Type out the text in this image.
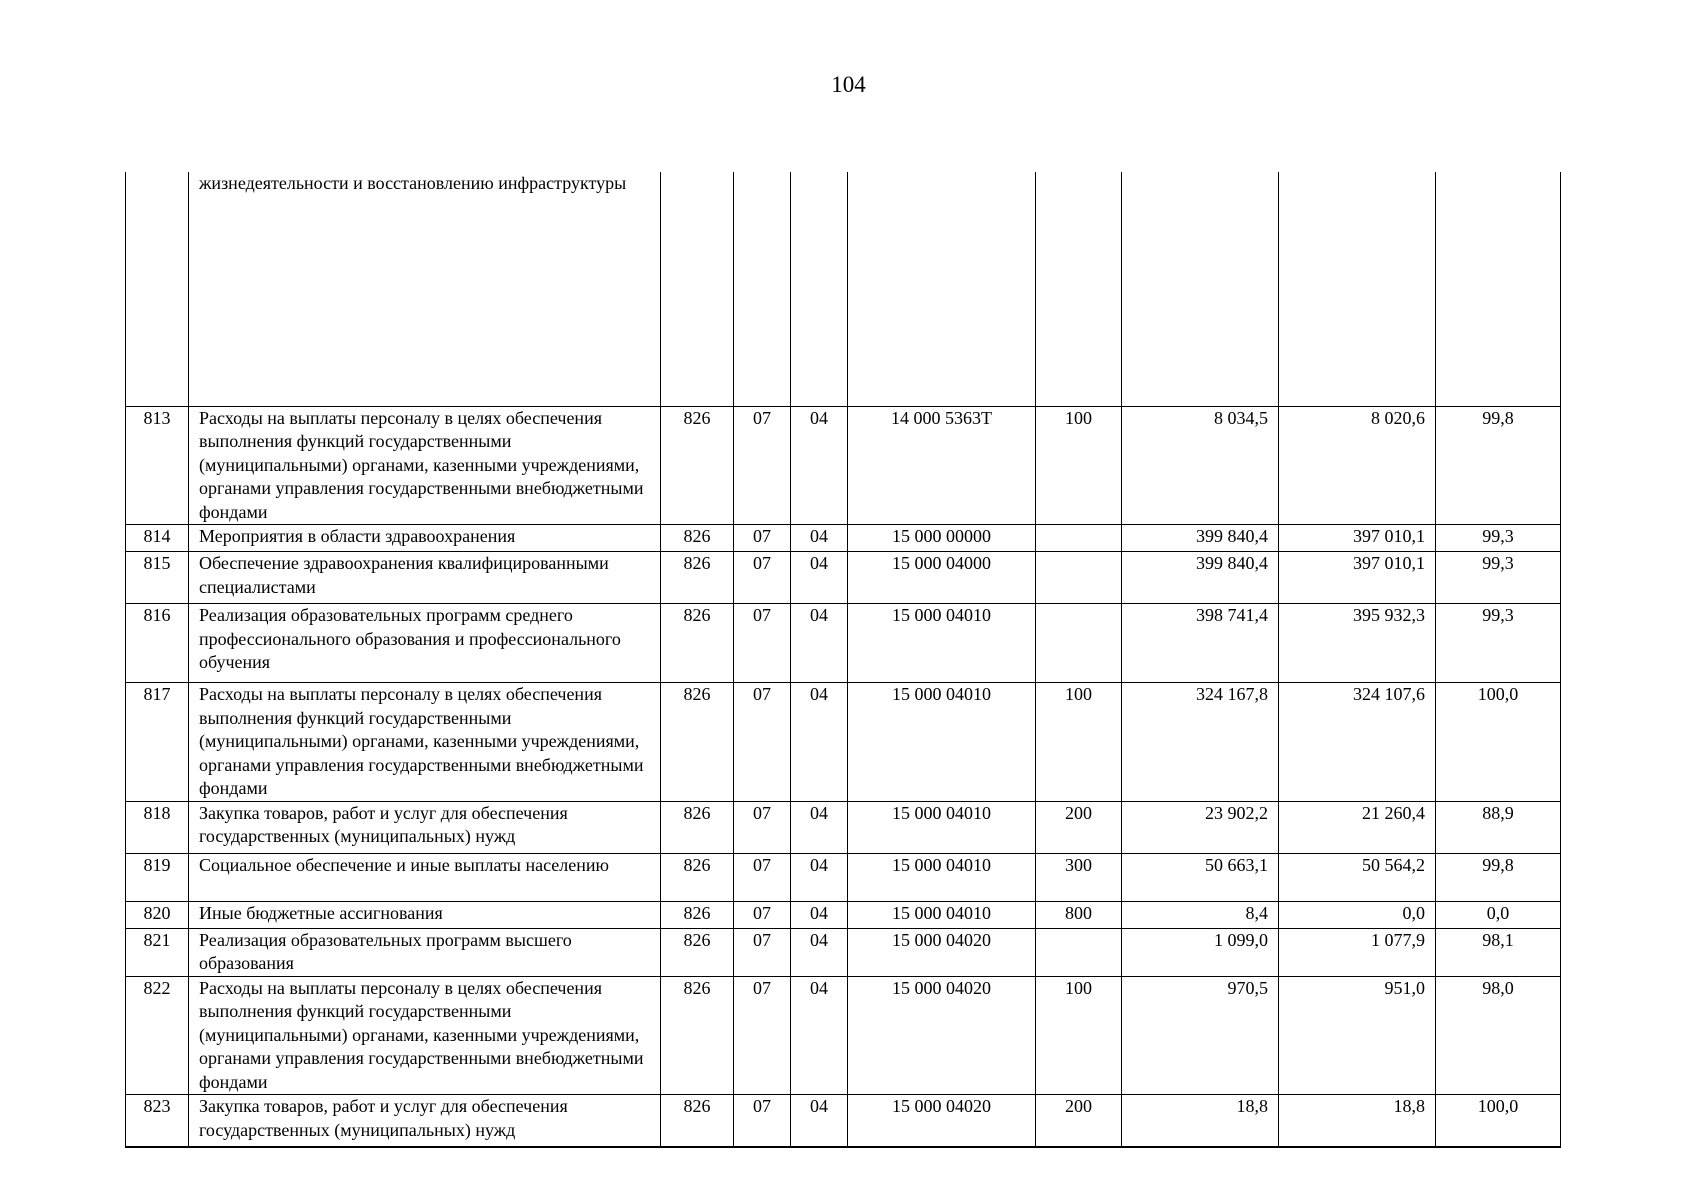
104
	жизнедеятельности и восстановлению инфраструктуры								
813	Расходы на выплаты персоналу в целях обеспечения выполнения функций государственными (муниципальными) органами, казенными учреждениями, органами управления государственными внебюджетными фондами	826	07	04	14 000 5363Т	100	8 034,5	8 020,6	99,8
814	Мероприятия в области здравоохранения	826	07	04	15 000 00000		399 840,4	397 010,1	99,3
815	Обеспечение здравоохранения квалифицированными специалистами	826	07	04	15 000 04000		399 840,4	397 010,1	99,3
816	Реализация образовательных программ среднего профессионального образования и профессионального обучения	826	07	04	15 000 04010		398 741,4	395 932,3	99,3
817	Расходы на выплаты персоналу в целях обеспечения выполнения функций государственными (муниципальными) органами, казенными учреждениями, органами управления государственными внебюджетными фондами	826	07	04	15 000 04010	100	324 167,8	324 107,6	100,0
818	Закупка товаров, работ и услуг для обеспечения государственных (муниципальных) нужд	826	07	04	15 000 04010	200	23 902,2	21 260,4	88,9
819	Социальное обеспечение и иные выплаты населению	826	07	04	15 000 04010	300	50 663,1	50 564,2	99,8
820	Иные бюджетные ассигнования	826	07	04	15 000 04010	800	8,4	0,0	0,0
821	Реализация образовательных программ высшего образования	826	07	04	15 000 04020		1 099,0	1 077,9	98,1
822	Расходы на выплаты персоналу в целях обеспечения выполнения функций государственными (муниципальными) органами, казенными учреждениями, органами управления государственными внебюджетными фондами	826	07	04	15 000 04020	100	970,5	951,0	98,0
823	Закупка товаров, работ и услуг для обеспечения государственных (муниципальных) нужд	826	07	04	15 000 04020	200	18,8	18,8	100,0
